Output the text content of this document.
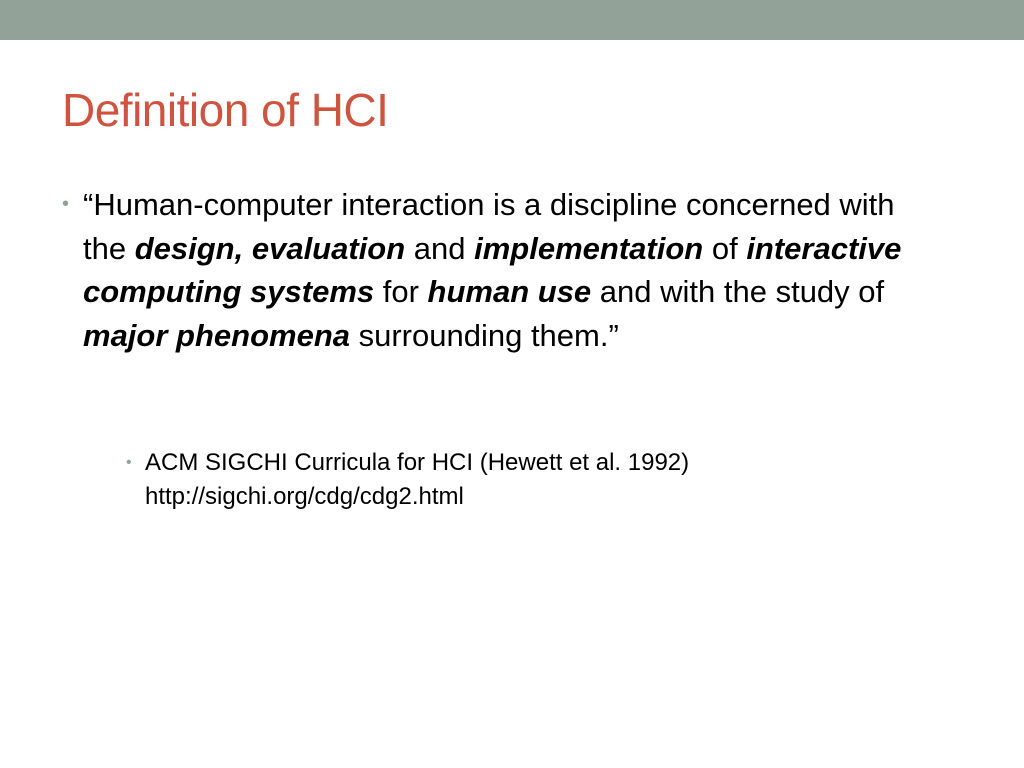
Definition of HCI
• “Human-computer interaction is a discipline concerned with the design, evaluation and implementation of interactive computing systems for human use and with the study of major phenomena surrounding them.”
• ACM SIGCHI Curricula for HCI (Hewett et al. 1992)
http://sigchi.org/cdg/cdg2.html
